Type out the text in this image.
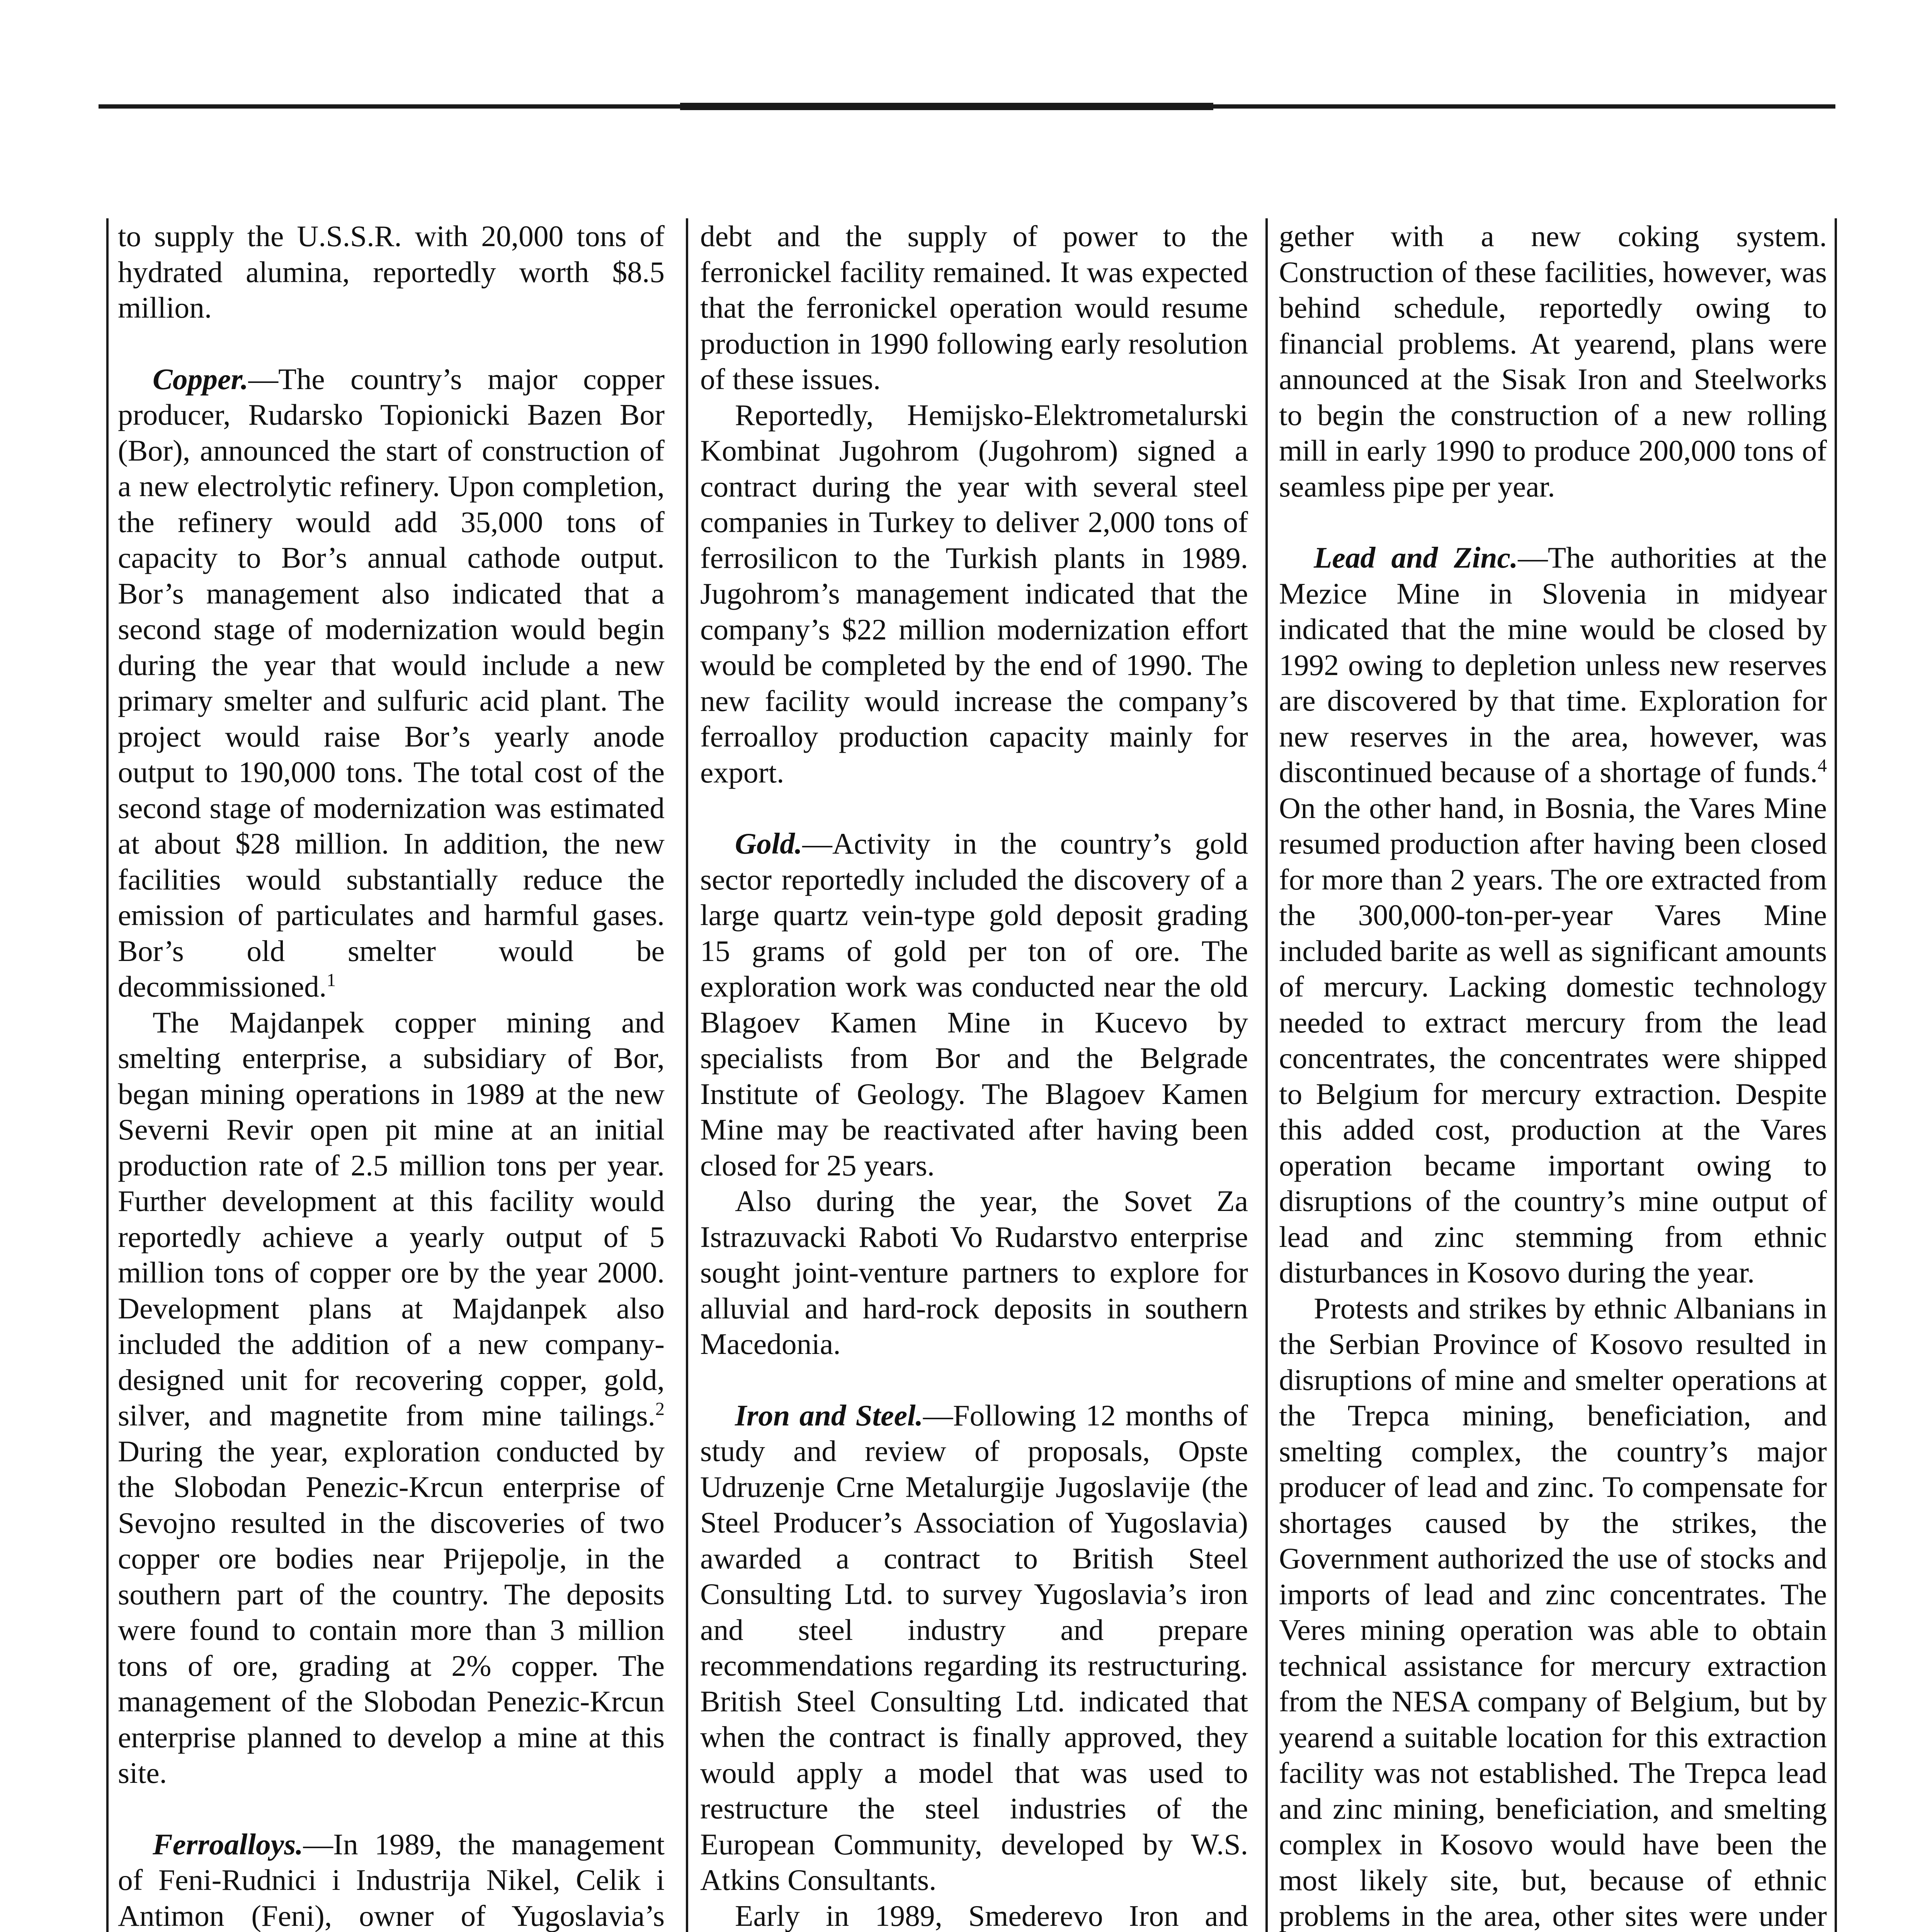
to supply the U.S.S.R. with 20,000 tons of hydrated alumina, reportedly worth $8.5 million.

Copper.—The country’s major copper producer, Rudarsko Topionicki Bazen Bor (Bor), announced the start of construction of a new electrolytic refinery. Upon completion, the refinery would add 35,000 tons of capacity to Bor’s annual cathode output. Bor’s management also indicated that a second stage of modernization would begin during the year that would include a new primary smelter and sulfuric acid plant. The project would raise Bor’s yearly anode output to 190,000 tons. The total cost of the second stage of modernization was estimated at about $28 million. In addition, the new facilities would substantially reduce the emission of particulates and harmful gases. Bor’s old smelter would be decommissioned.$^1$

The Majdanpek copper mining and smelting enterprise, a subsidiary of Bor, began mining operations in 1989 at the new Severni Revir open pit mine at an initial production rate of 2.5 million tons per year. Further development at this facility would reportedly achieve a yearly output of 5 million tons of copper ore by the year 2000. Development plans at Majdanpek also included the addition of a new company-designed unit for recovering copper, gold, silver, and magnetite from mine tailings.$^2$ During the year, exploration conducted by the Slobodan Penezic-Krcun enterprise of Sevojno resulted in the discoveries of two copper ore bodies near Prijepolje, in the southern part of the country. The deposits were found to contain more than 3 million tons of ore, grading at 2% copper. The management of the Slobodan Penezic-Krcun enterprise planned to develop a mine at this site.

Ferroalloys.—In 1989, the management of Feni-Rudnici i Industrija Nikel, Celik i Antimon (Feni), owner of Yugoslavia’s

debt and the supply of power to the ferronickel facility remained. It was expected that the ferronickel operation would resume production in 1990 following early resolution of these issues.

Reportedly, Hemijsko-Elektrometalurski Kombinat Jugohrom (Jugohrom) signed a contract during the year with several steel companies in Turkey to deliver 2,000 tons of ferrosilicon to the Turkish plants in 1989. Jugohrom’s management indicated that the company’s $22 million modernization effort would be completed by the end of 1990. The new facility would increase the company’s ferroalloy production capacity mainly for export.

Gold.—Activity in the country’s gold sector reportedly included the discovery of a large quartz vein-type gold deposit grading 15 grams of gold per ton of ore. The exploration work was conducted near the old Blagoev Kamen Mine in Kucevo by specialists from Bor and the Belgrade Institute of Geology. The Blagoev Kamen Mine may be reactivated after having been closed for 25 years.

Also during the year, the Sovet Za Istrazuvacki Raboti Vo Rudarstvo enterprise sought joint-venture partners to explore for alluvial and hard-rock deposits in southern Macedonia.

Iron and Steel.—Following 12 months of study and review of proposals, Opste Udruzenje Crne Metalurgije Jugoslavije (the Steel Producer’s Association of Yugoslavia) awarded a contract to British Steel Consulting Ltd. to survey Yugoslavia’s iron and steel industry and prepare recommendations regarding its restructuring. British Steel Consulting Ltd. indicated that when the contract is finally approved, they would apply a model that was used to restructure the steel industries of the European Community, developed by W.S. Atkins Consultants.

Early in 1989, Smederevo Iron and

gether with a new coking system. Construction of these facilities, however, was behind schedule, reportedly owing to financial problems. At yearend, plans were announced at the Sisak Iron and Steelworks to begin the construction of a new rolling mill in early 1990 to produce 200,000 tons of seamless pipe per year.

Lead and Zinc.—The authorities at the Mezice Mine in Slovenia in midyear indicated that the mine would be closed by 1992 owing to depletion unless new reserves are discovered by that time. Exploration for new reserves in the area, however, was discontinued because of a shortage of funds.$^4$ On the other hand, in Bosnia, the Vares Mine resumed production after having been closed for more than 2 years. The ore extracted from the 300,000-ton-per-year Vares Mine included barite as well as significant amounts of mercury. Lacking domestic technology needed to extract mercury from the lead concentrates, the concentrates were shipped to Belgium for mercury extraction. Despite this added cost, production at the Vares operation became important owing to disruptions of the country’s mine output of lead and zinc stemming from ethnic disturbances in Kosovo during the year.

Protests and strikes by ethnic Albanians in the Serbian Province of Kosovo resulted in disruptions of mine and smelter operations at the Trepca mining, beneficiation, and smelting complex, the country’s major producer of lead and zinc. To compensate for shortages caused by the strikes, the Government authorized the use of stocks and imports of lead and zinc concentrates. The Veres mining operation was able to obtain technical assistance for mercury extraction from the NESA company of Belgium, but by yearend a suitable location for this extraction facility was not established. The Trepca lead and zinc mining, beneficiation, and smelting complex in Kosovo would have been the most likely site, but, because of ethnic problems in the area, other sites were under
